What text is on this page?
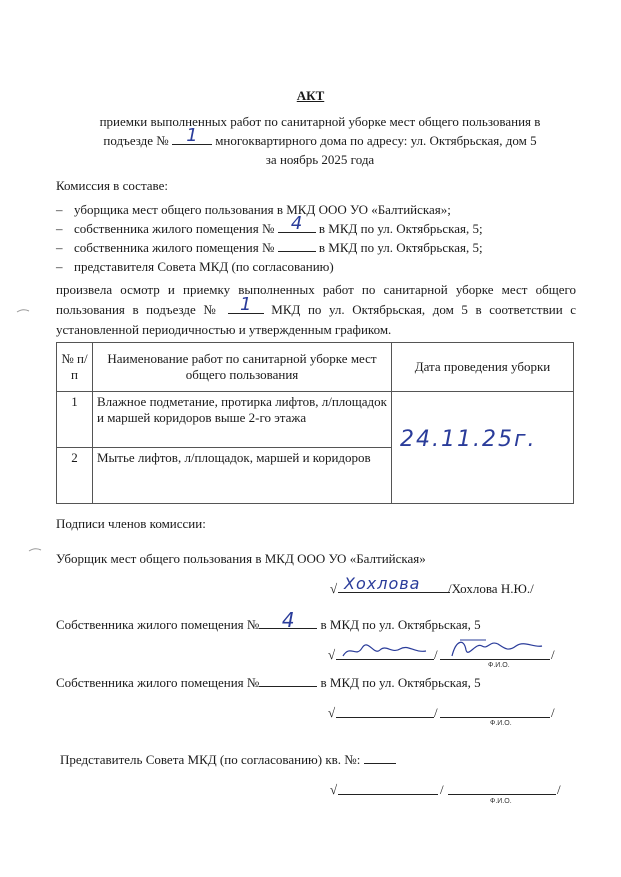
АКТ
приемки выполненных работ по санитарной уборке мест общего пользования в
подъезде № 1	многоквартирного дома по адресу: ул. Октябрьская, дом 5
за ноябрь 2025 года
Комиссия в составе:
– уборщика мест общего пользования в МКД ООО УО «Балтийская»;
– собственника жилого помещения № 4	в МКД по ул. Октябрьская, 5;
– собственника жилого помещения №	в МКД по ул. Октябрьская, 5;
– представителя Совета МКД (по согласованию)
произвела осмотр и приемку выполненных работ по санитарной уборке мест общего пользования в подъезде №	1	МКД по ул. Октябрьская, дом 5 в соответствии с установленной периодичностью и утвержденным графиком.
№ п/п	Наименование работ по санитарной уборке мест общего пользования	Дата проведения уборки
1	Влажное подметание, протирка лифтов, л/площадок и маршей коридоров выше 2-го этажа	24.11.25г.

2	Мытье лифтов, л/площадок, маршей и коридоров	
Подписи членов комиссии:
Уборщик мест общего пользования в МКД ООО УО «Балтийская»
√ Хохлова /Хохлова Н.Ю./
Собственника жилого помещения №	4	в МКД по ул. Октябрьская, 5
√	/	/
Ф.И.О.
Собственника жилого помещения №	в МКД по ул. Октябрьская, 5
√	/	/
Ф.И.О.
Представитель Совета МКД (по согласованию) кв. №:
√	/	/
Ф.И.О.
